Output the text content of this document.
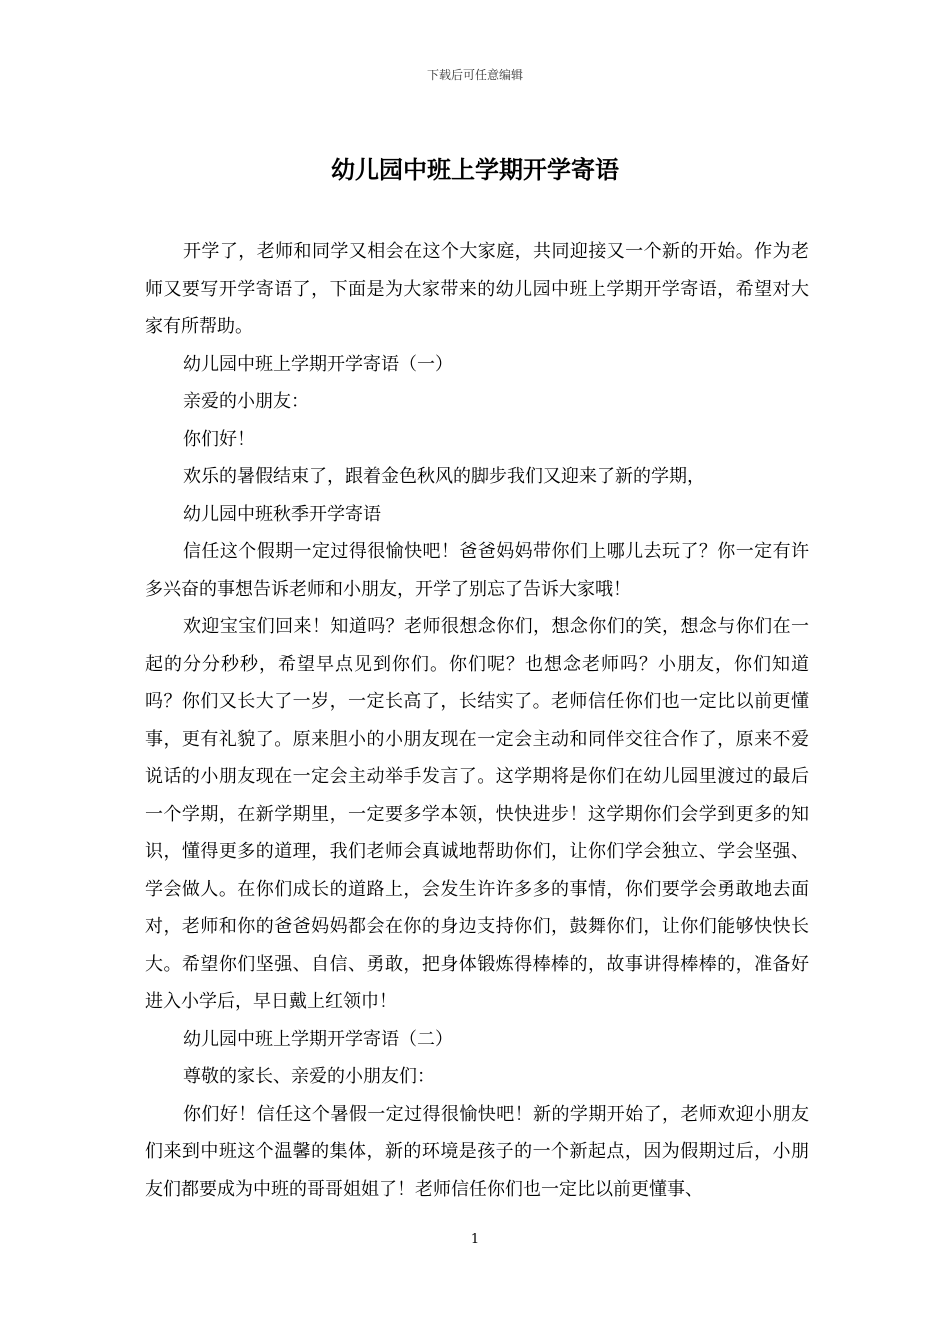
下载后可任意编辑
幼儿园中班上学期开学寄语

开学了，老师和同学又相会在这个大家庭，共同迎接又一个新的开始。作为老师又要写开学寄语了，下面是为大家带来的幼儿园中班上学期开学寄语，希望对大家有所帮助。

幼儿园中班上学期开学寄语（一）

亲爱的小朋友：

你们好！

欢乐的暑假结束了，跟着金色秋风的脚步我们又迎来了新的学期，

幼儿园中班秋季开学寄语

信任这个假期一定过得很愉快吧！爸爸妈妈带你们上哪儿去玩了？你一定有许多兴奋的事想告诉老师和小朋友，开学了别忘了告诉大家哦！

欢迎宝宝们回来！知道吗？老师很想念你们，想念你们的笑，想念与你们在一起的分分秒秒，希望早点见到你们。你们呢？也想念老师吗？小朋友，你们知道吗？你们又长大了一岁，一定长高了，长结实了。老师信任你们也一定比以前更懂事，更有礼貌了。原来胆小的小朋友现在一定会主动和同伴交往合作了，原来不爱说话的小朋友现在一定会主动举手发言了。这学期将是你们在幼儿园里渡过的最后一个学期，在新学期里，一定要多学本领，快快进步！这学期你们会学到更多的知识，懂得更多的道理，我们老师会真诚地帮助你们，让你们学会独立、学会坚强、学会做人。在你们成长的道路上，会发生许许多多的事情，你们要学会勇敢地去面对，老师和你的爸爸妈妈都会在你的身边支持你们，鼓舞你们，让你们能够快快长大。希望你们坚强、自信、勇敢，把身体锻炼得棒棒的，故事讲得棒棒的，准备好进入小学后，早日戴上红领巾！

幼儿园中班上学期开学寄语（二）

尊敬的家长、亲爱的小朋友们：

你们好！信任这个暑假一定过得很愉快吧！新的学期开始了，老师欢迎小朋友们来到中班这个温馨的集体，新的环境是孩子的一个新起点，因为假期过后，小朋友们都要成为中班的哥哥姐姐了！老师信任你们也一定比以前更懂事、

1
